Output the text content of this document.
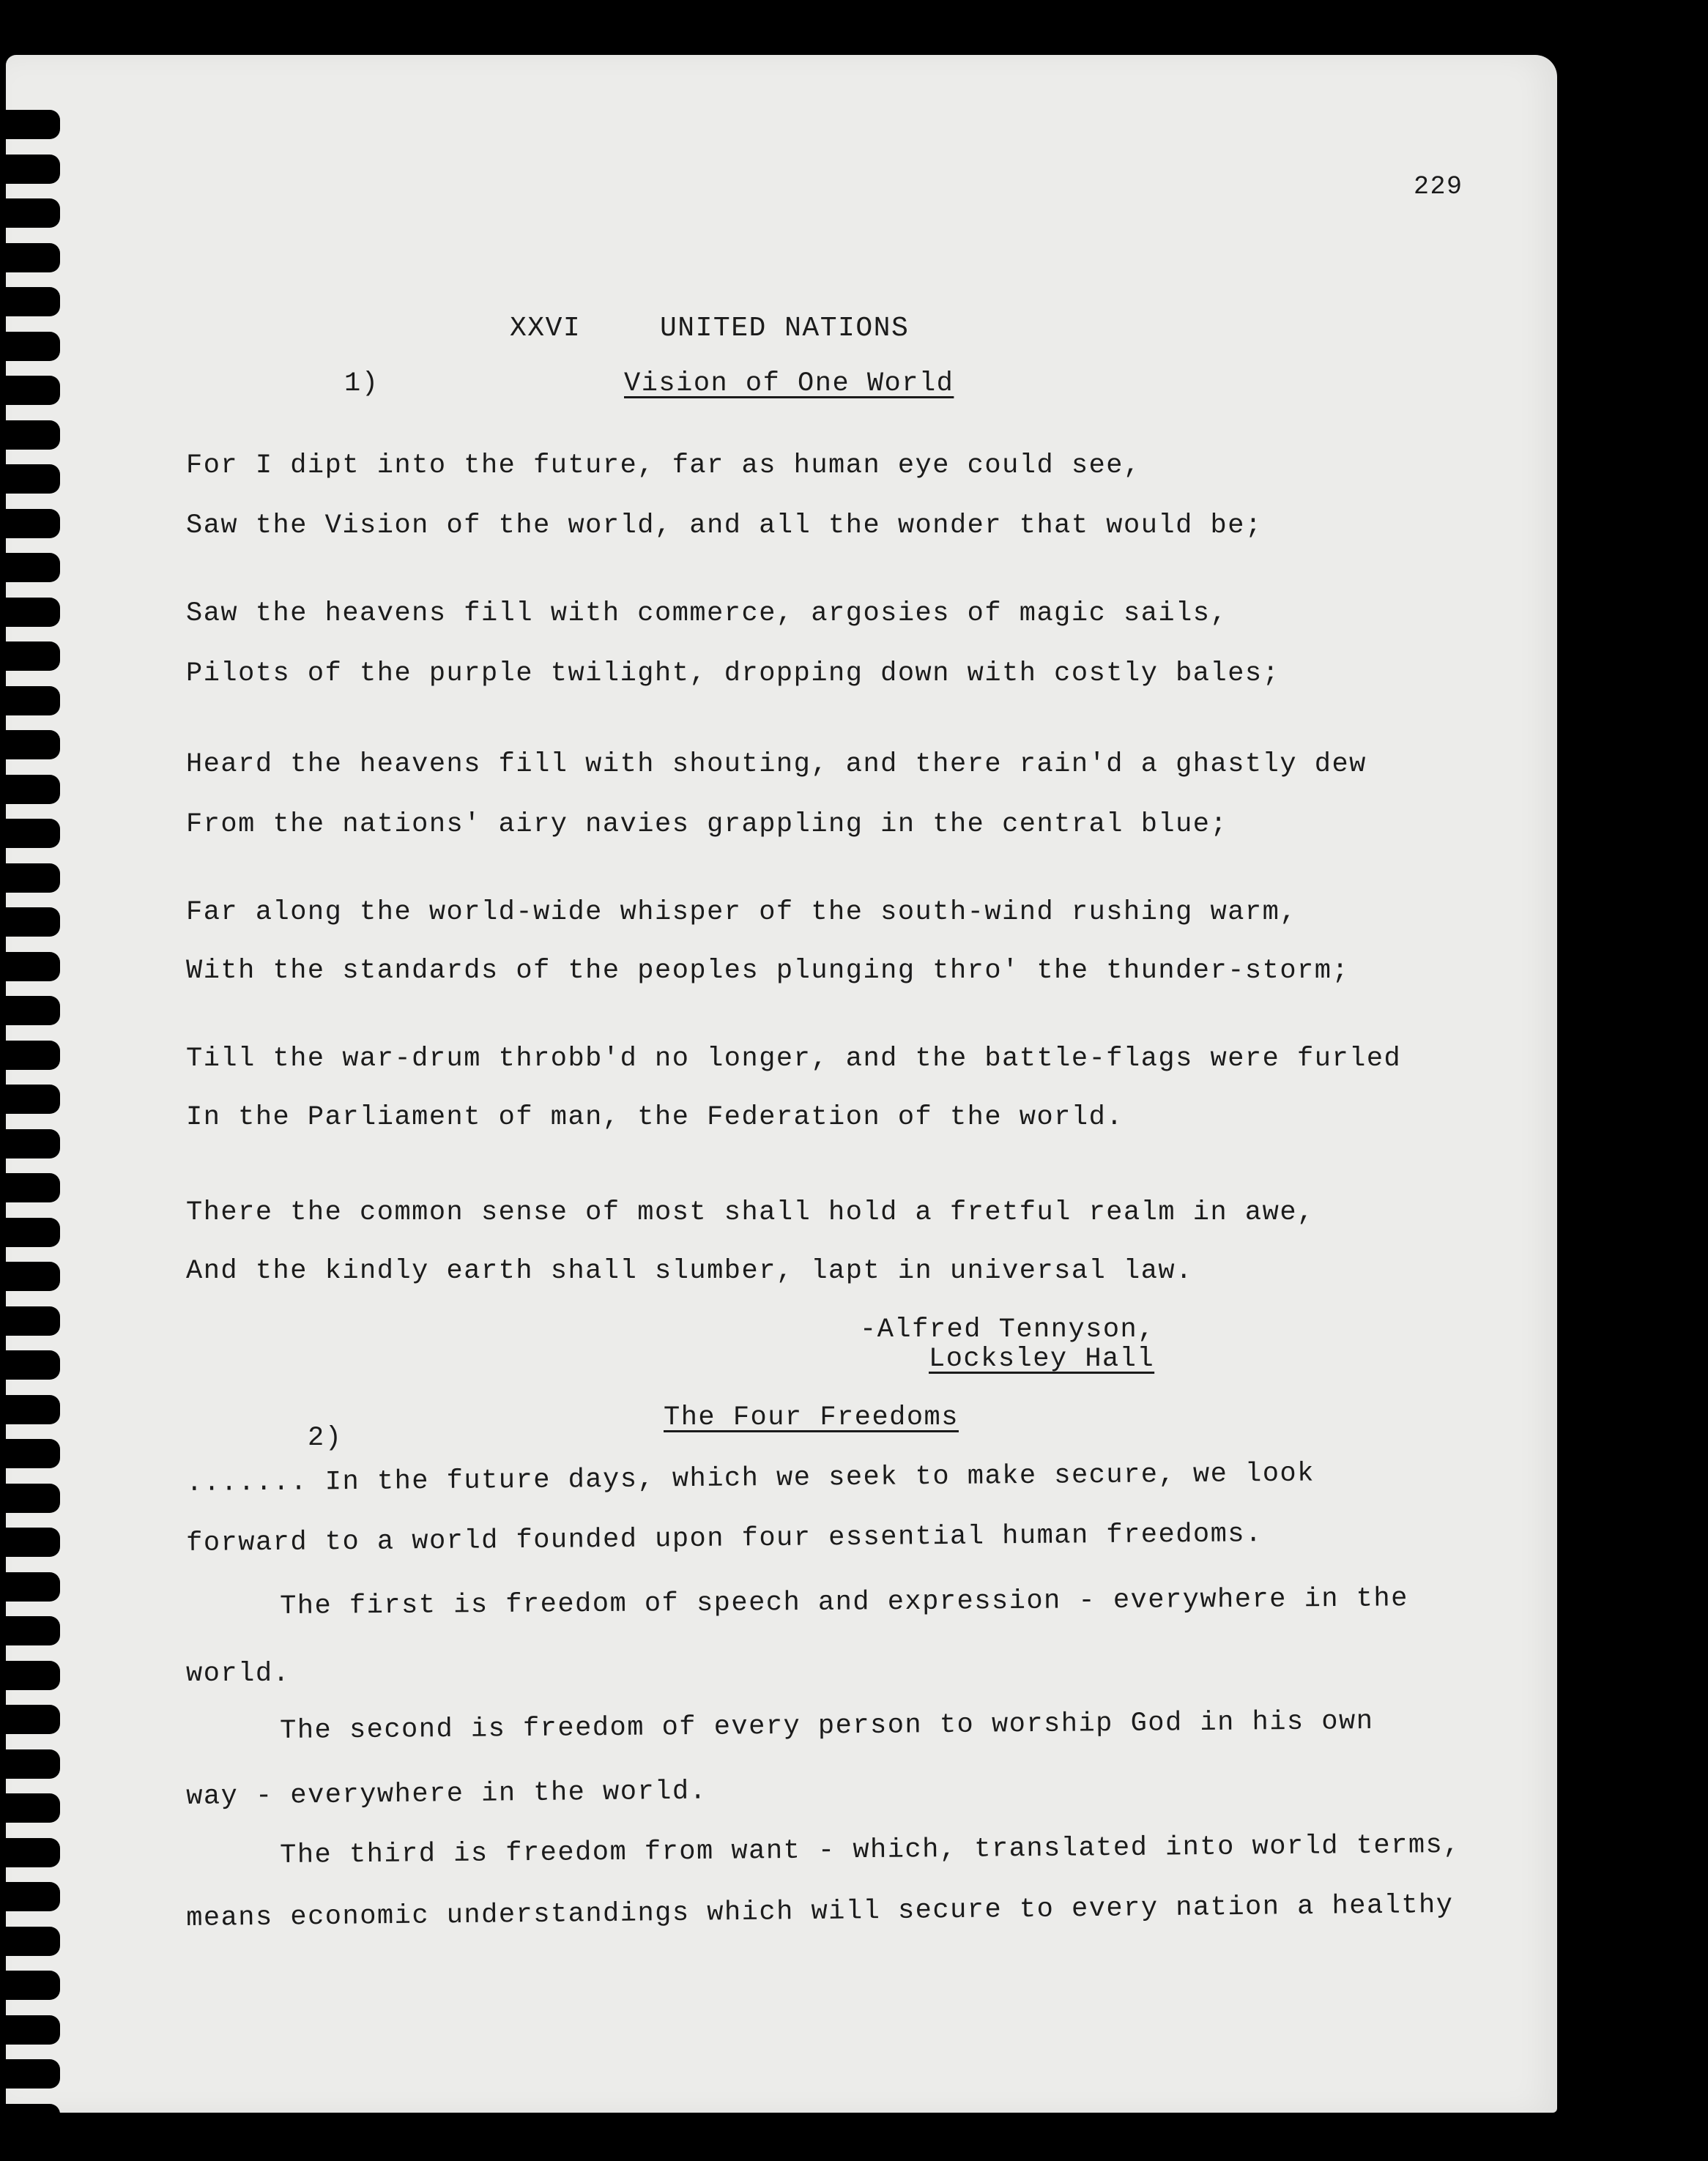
229
XXVI	UNITED NATIONS
1)	Vision of One World
For I dipt into the future, far as human eye could see,
Saw the Vision of the world, and all the wonder that would be;
Saw the heavens fill with commerce, argosies of magic sails,
Pilots of the purple twilight, dropping down with costly bales;
Heard the heavens fill with shouting, and there rain'd a ghastly dew
From the nations' airy navies grappling in the central blue;
Far along the world-wide whisper of the south-wind rushing warm,
With the standards of the peoples plunging thro' the thunder-storm;
Till the war-drum throbb'd no longer, and the battle-flags were furled
In the Parliament of man, the Federation of the world.
There the common sense of most shall hold a fretful realm in awe,
And the kindly earth shall slumber, lapt in universal law.
-Alfred Tennyson,
Locksley Hall
2)
The Four Freedoms
....... In the future days, which we seek to make secure, we look
forward to a world founded upon four essential human freedoms.
The first is freedom of speech and expression - everywhere in the
world.
The second is freedom of every person to worship God in his own
way - everywhere in the world.
The third is freedom from want - which, translated into world terms,
means economic understandings which will secure to every nation a healthy
